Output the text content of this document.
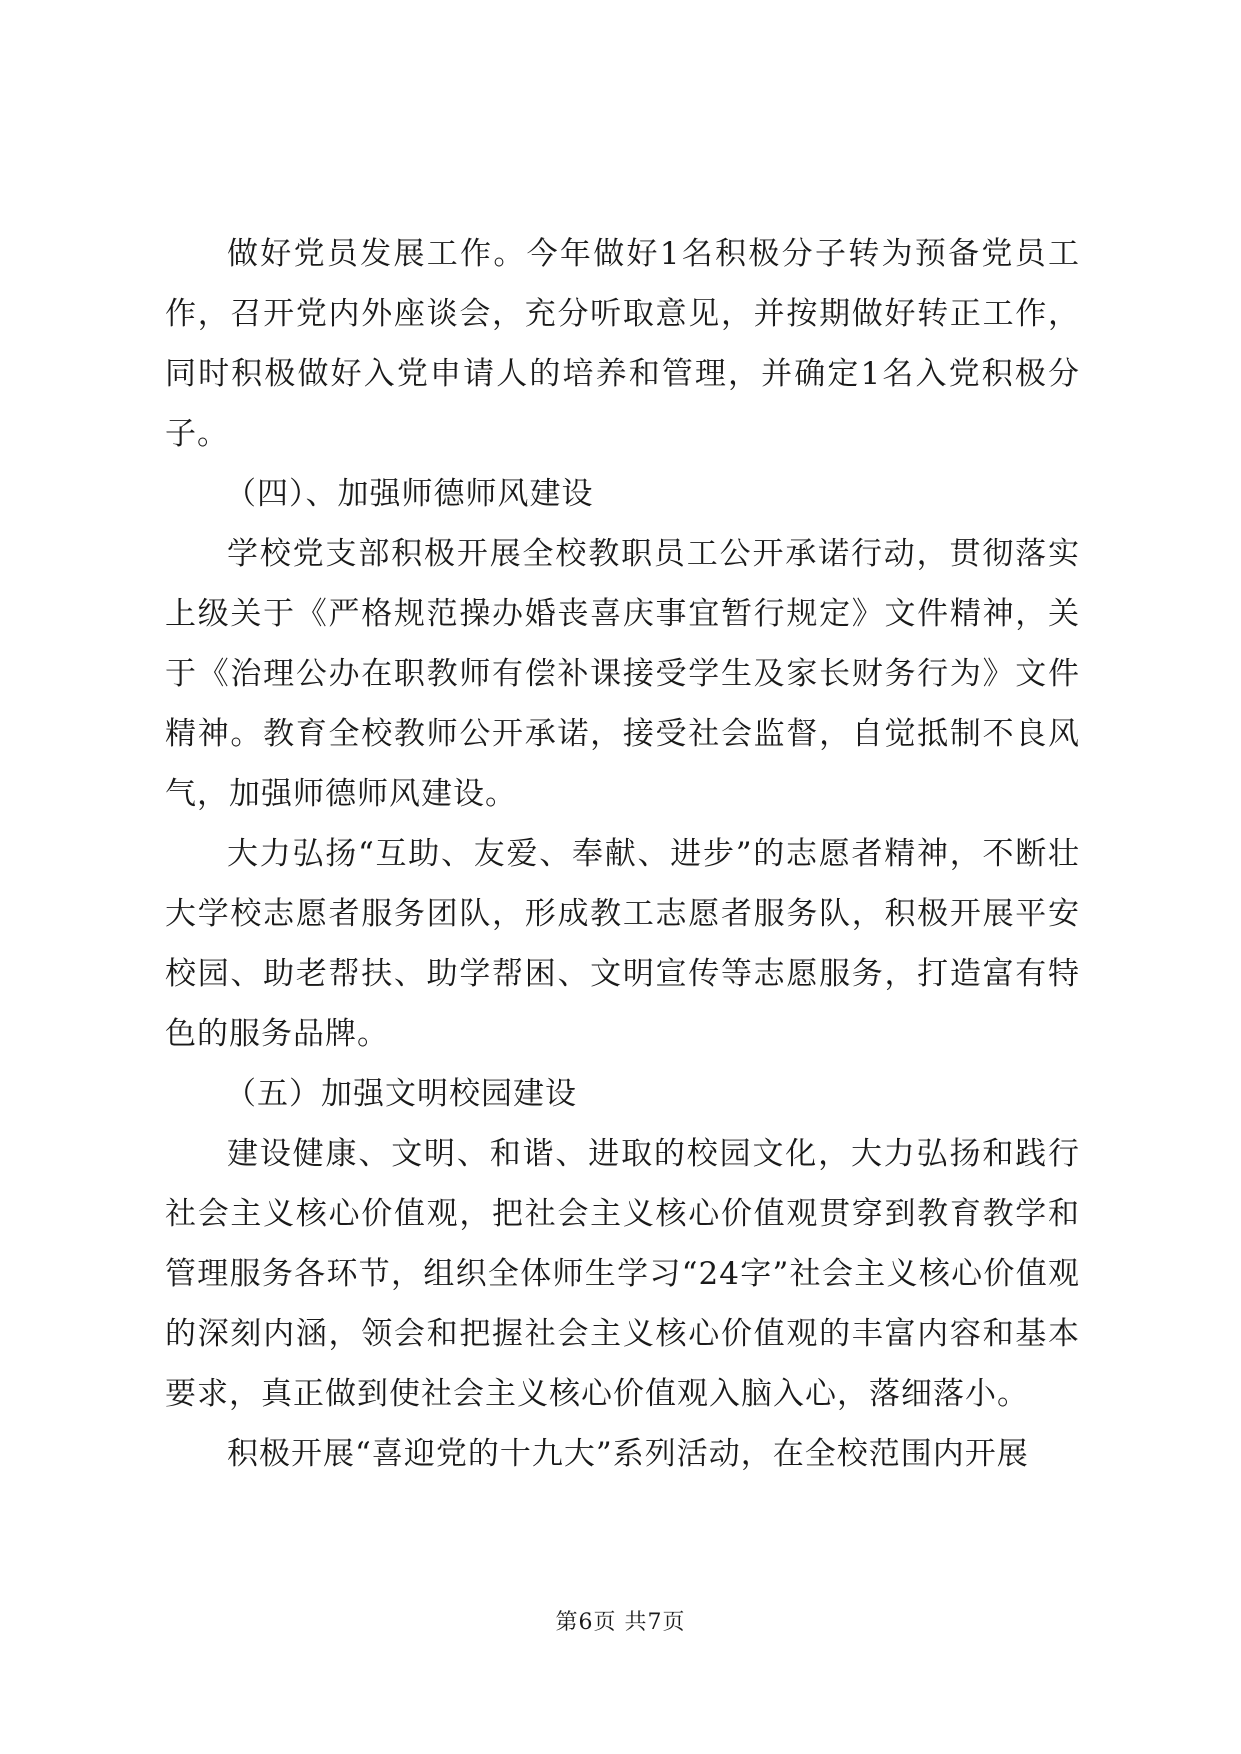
做好党员发展工作。今年做好1名积极分子转为预备党员工作，召开党内外座谈会，充分听取意见，并按期做好转正工作，同时积极做好入党申请人的培养和管理，并确定1名入党积极分子。

（四）、加强师德师风建设

学校党支部积极开展全校教职员工公开承诺行动，贯彻落实上级关于《严格规范操办婚丧喜庆事宜暂行规定》文件精神，关于《治理公办在职教师有偿补课接受学生及家长财务行为》文件精神。教育全校教师公开承诺，接受社会监督，自觉抵制不良风气，加强师德师风建设。

大力弘扬“互助、友爱、奉献、进步”的志愿者精神，不断壮大学校志愿者服务团队，形成教工志愿者服务队，积极开展平安校园、助老帮扶、助学帮困、文明宣传等志愿服务，打造富有特色的服务品牌。

（五）加强文明校园建设

建设健康、文明、和谐、进取的校园文化，大力弘扬和践行社会主义核心价值观，把社会主义核心价值观贯穿到教育教学和管理服务各环节，组织全体师生学习“24字”社会主义核心价值观的深刻内涵，领会和把握社会主义核心价值观的丰富内容和基本要求，真正做到使社会主义核心价值观入脑入心，落细落小。

积极开展“喜迎党的十九大”系列活动，在全校范围内开展

第6页 共7页
